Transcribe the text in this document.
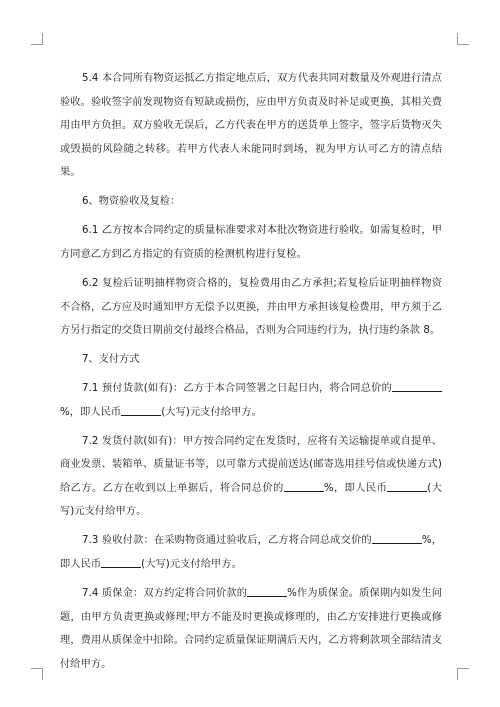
5.4 本合同所有物资运抵乙方指定地点后，双方代表共同对数量及外观进行清点验收。验收签字前发现物资有短缺或损伤，应由甲方负责及时补足或更换，其相关费用由甲方负担。双方验收无误后，乙方代表在甲方的送货单上签字，签字后货物灭失或毁损的风险随之转移。若甲方代表人未能同时到场，视为甲方认可乙方的清点结果。

6、物资验收及复检：

6.1 乙方按本合同约定的质量标准要求对本批次物资进行验收。如需复检时，甲方同意乙方到乙方指定的有资质的检测机构进行复检。

6.2 复检后证明抽样物资合格的，复检费用由乙方承担;若复检后证明抽样物资不合格，乙方应及时通知甲方无偿予以更换，并由甲方承担该复检费用，甲方须于乙方另行指定的交货日期前交付最终合格品，否则为合同违约行为，执行违约条款 8。

7、支付方式

7.1 预付货款(如有)：乙方于本合同签署之日起日内，将合同总价的%，即人民币	(大写)元支付给甲方。

7.2 发货付款(如有)：甲方按合同约定在发货时，应将有关运输提单或自提单、商业发票、装箱单、质量证书等，以可靠方式提前送达(邮寄选用挂号信或快递方式)给乙方。乙方在收到以上单据后，将合同总价的	%，即人民币	(大写)元支付给甲方。

7.3 验收付款：在采购物资通过验收后，乙方将合同总成交价的	%，即人民币	(大写)元支付给甲方。

7.4 质保金：双方约定将合同价款的	%作为质保金。质保期内如发生问题，由甲方负责更换或修理;甲方不能及时更换或修理的，由乙方安排进行更换或修理，费用从质保金中扣除。合同约定质量保证期满后天内，乙方将剩款项全部结清支付给甲方。
